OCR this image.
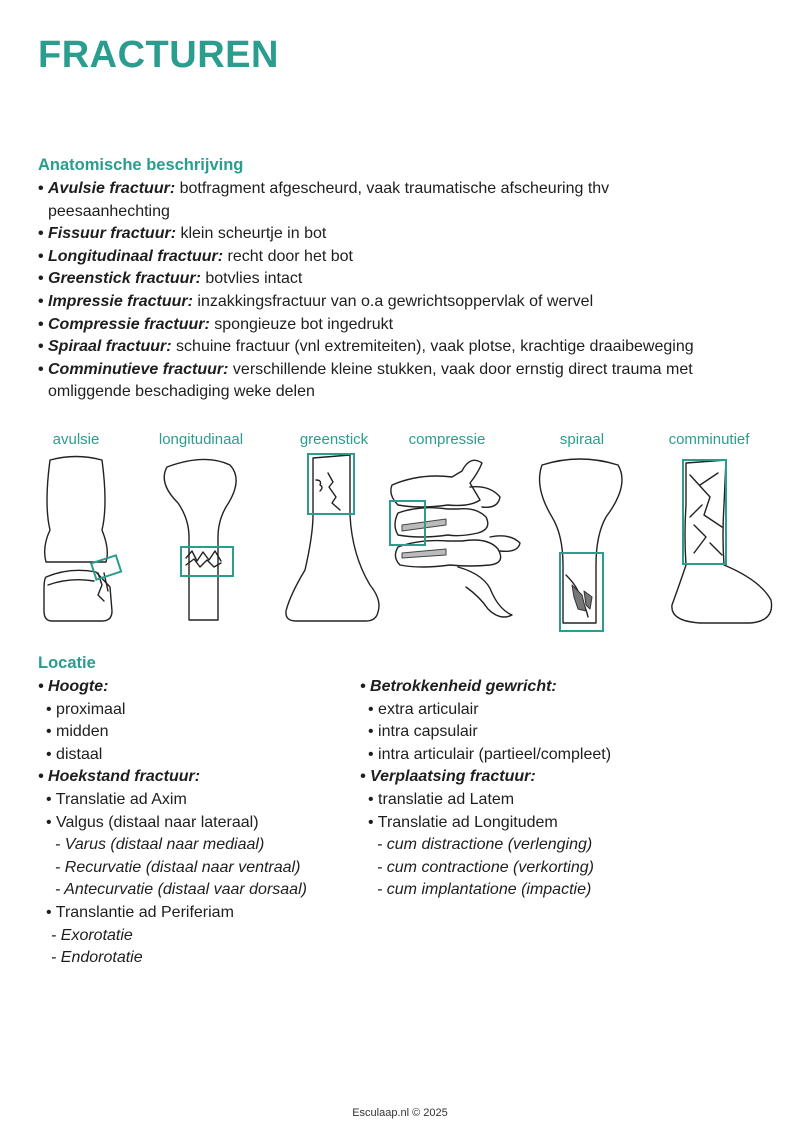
FRACTUREN
Anatomische beschrijving
• Avulsie fractuur: botfragment afgescheurd, vaak traumatische afscheuring thv
peesaanhechting
• Fissuur fractuur: klein scheurtje in bot
• Longitudinaal fractuur: recht door het bot
• Greenstick fractuur: botvlies intact
• Impressie fractuur: inzakkingsfractuur van o.a gewrichtsoppervlak of wervel
• Compressie fractuur: spongieuze bot ingedrukt
• Spiraal fractuur: schuine fractuur (vnl extremiteiten), vaak plotse, krachtige draaibeweging
• Comminutieve fractuur: verschillende kleine stukken, vaak door ernstig direct trauma met
omliggende beschadiging weke delen
avulsie	longitudinaal	greenstick	compressie	spiraal	comminutief
Locatie
• Hoogte:
• proximaal
• midden
• distaal
• Hoekstand fractuur:
• Translatie ad Axim
• Valgus (distaal naar lateraal)
- Varus (distaal naar mediaal)
- Recurvatie (distaal naar ventraal)
- Antecurvatie (distaal vaar dorsaal)
• Translantie ad Periferiam
- Exorotatie
- Endorotatie
• Betrokkenheid gewricht:
• extra articulair
• intra capsulair
• intra articulair (partieel/compleet)
• Verplaatsing fractuur:
• translatie ad Latem
• Translatie ad Longitudem
- cum distractione (verlenging)
- cum contractione (verkorting)
- cum implantatione (impactie)
Esculaap.nl © 2025
